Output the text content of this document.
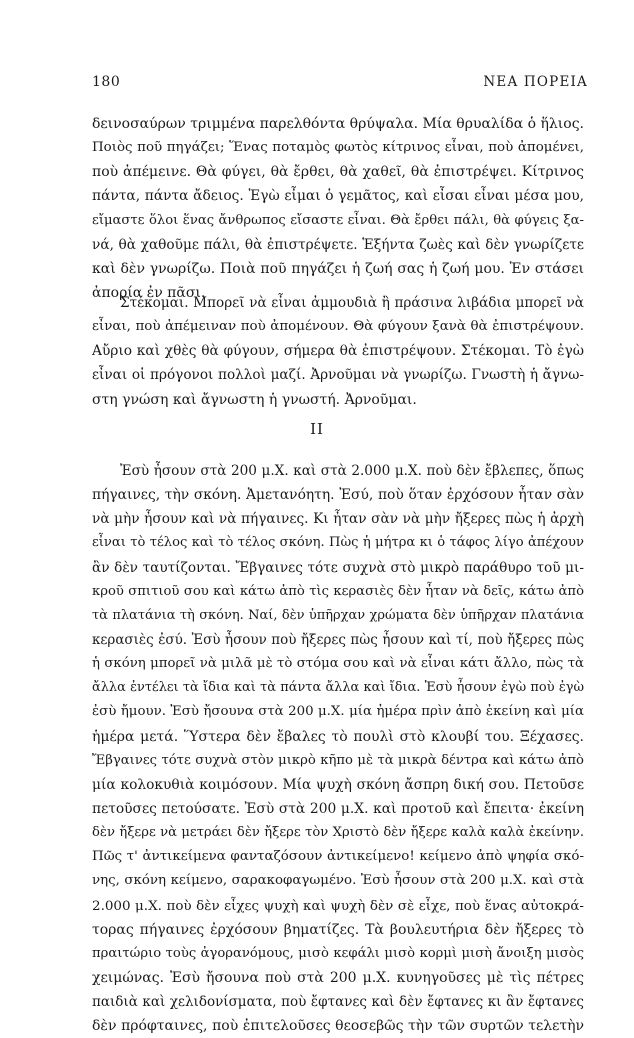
180	ΝΕΑ ΠΟΡΕΙΑ
δεινοσαύρων τριμμένα παρελθόντα θρύψαλα. Μία θρυαλίδα ὁ ἥλιος.
Ποιὸς ποῦ πηγάζει; Ἕνας ποταμὸς φωτὸς κίτρινος εἶναι, ποὺ ἀπομένει,
ποὺ ἀπέμεινε. Θὰ φύγει, θὰ ἔρθει, θὰ χαθεῖ, θὰ ἐπιστρέψει. Κίτρινος
πάντα, πάντα ἄδειος. Ἐγὼ εἶμαι ὁ γεμᾶτος, καὶ εἶσαι εἶναι μέσα μου,
εἴμαστε ὅλοι ἕνας ἄνθρωπος εἴσαστε εἶναι. Θὰ ἔρθει πάλι, θὰ φύγεις ξα-
νά, θὰ χαθοῦμε πάλι, θὰ ἐπιστρέψετε. Ἑξήντα ζωὲς καὶ δὲν γνωρίζετε
καὶ δὲν γνωρίζω. Ποιὰ ποῦ πηγάζει ἡ ζωή σας ἡ ζωή μου. Ἐν στάσει
ἀπορία ἐν πᾶσι.
Στέκομαι. Μπορεῖ νὰ εἶναι ἀμμουδιὰ ἢ πράσινα λιβάδια μπορεῖ νὰ
εἶναι, ποὺ ἀπέμειναν ποὺ ἀπομένουν. Θὰ φύγουν ξανὰ θὰ ἐπιστρέψουν.
Αὔριο καὶ χθὲς θὰ φύγουν, σήμερα θὰ ἐπιστρέψουν. Στέκομαι. Τὸ ἐγὼ
εἶναι οἱ πρόγονοι πολλοὶ μαζί. Ἀρνοῦμαι νὰ γνωρίζω. Γνωστὴ ἡ ἄγνω-
στη γνώση καὶ ἄγνωστη ἡ γνωστή. Ἀρνοῦμαι.
II
Ἐσὺ ἦσουν στὰ 200 μ.Χ. καὶ στὰ 2.000 μ.Χ. ποὺ δὲν ἔβλεπες, ὅπως
πήγαινες, τὴν σκόνη. Ἀμετανόητη. Ἐσύ, ποὺ ὅταν ἐρχόσουν ἦταν σὰν
νὰ μὴν ἦσουν καὶ νὰ πήγαινες. Κι ἦταν σὰν νὰ μὴν ἤξερες πὼς ἡ ἀρχὴ
εἶναι τὸ τέλος καὶ τὸ τέλος σκόνη. Πὼς ἡ μήτρα κι ὁ τάφος λίγο ἀπέχουν
ἂν δὲν ταυτίζονται. Ἔβγαινες τότε συχνὰ στὸ μικρὸ παράθυρο τοῦ μι-
κροῦ σπιτιοῦ σου καὶ κάτω ἀπὸ τὶς κερασιὲς δὲν ἦταν νὰ δεῖς, κάτω ἀπὸ
τὰ πλατάνια τὴ σκόνη. Ναί, δὲν ὑπῆρχαν χρώματα δὲν ὑπῆρχαν πλατάνια
κερασιὲς ἐσύ. Ἐσὺ ἦσουν ποὺ ἤξερες πὼς ἦσουν καὶ τί, ποὺ ἤξερες πὼς
ἡ σκόνη μπορεῖ νὰ μιλᾶ μὲ τὸ στόμα σου καὶ νὰ εἶναι κάτι ἄλλο, πὼς τὰ
ἄλλα ἐντέλει τὰ ἴδια καὶ τὰ πάντα ἄλλα καὶ ἴδια. Ἐσὺ ἦσουν ἐγὼ ποὺ ἐγὼ
ἐσὺ ἤμουν. Ἐσὺ ἤσουνα στὰ 200 μ.Χ. μία ἡμέρα πρὶν ἀπὸ ἐκείνη καὶ μία
ἡμέρα μετά. Ὕστερα δὲν ἔβαλες τὸ πουλὶ στὸ κλουβί του. Ξέχασες.
Ἔβγαινες τότε συχνὰ στὸν μικρὸ κῆπο μὲ τὰ μικρὰ δέντρα καὶ κάτω ἀπὸ
μία κολοκυθιὰ κοιμόσουν. Μία ψυχὴ σκόνη ἄσπρη δική σου. Πετοῦσε
πετοῦσες πετούσατε. Ἐσὺ στὰ 200 μ.Χ. καὶ προτοῦ καὶ ἔπειτα· ἐκείνη
δὲν ἤξερε νὰ μετράει δὲν ἤξερε τὸν Χριστὸ δὲν ἤξερε καλὰ καλὰ ἐκείνην.
Πῶς τ' ἀντικείμενα φανταζόσουν ἀντικείμενο! κείμενο ἀπὸ ψηφία σκό-
νης, σκόνη κείμενο, σαρακοφαγωμένο. Ἐσὺ ἦσουν στὰ 200 μ.Χ. καὶ στὰ
2.000 μ.Χ. ποὺ δὲν εἶχες ψυχὴ καὶ ψυχὴ δὲν σὲ εἶχε, ποὺ ἕνας αὐτοκρά-
τορας πήγαινες ἐρχόσουν βηματίζες. Τὰ βουλευτήρια δὲν ἤξερες τὸ
πραιτώριο τοὺς ἀγορανόμους, μισὸ κεφάλι μισὸ κορμὶ μισὴ ἄνοιξη μισὸς
χειμώνας. Ἐσὺ ἤσουνα ποὺ στὰ 200 μ.Χ. κυνηγοῦσες μὲ τὶς πέτρες
παιδιὰ καὶ χελιδονίσματα, ποὺ ἔφτανες καὶ δὲν ἔφτανες κι ἂν ἔφτανες
δὲν πρόφταινες, ποὺ ἐπιτελοῦσες θεοσεβῶς τὴν τῶν συρτῶν τελετὴν
